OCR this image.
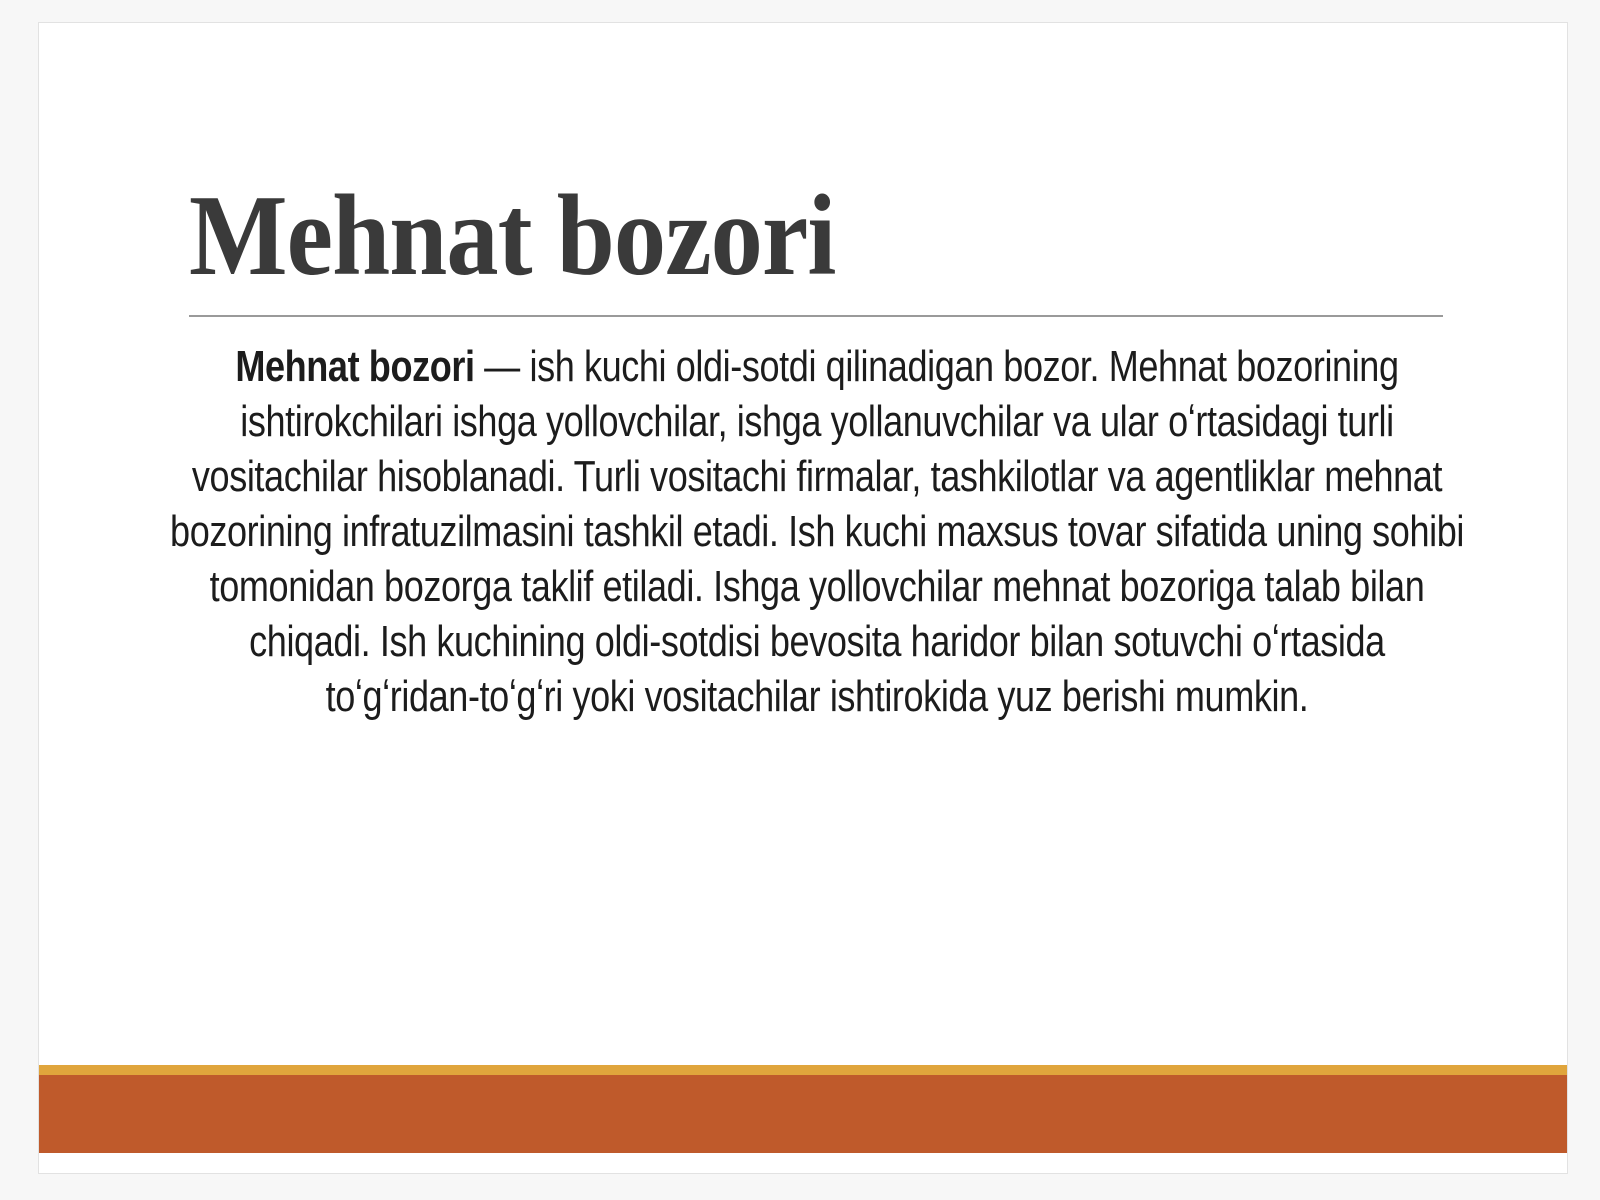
Mehnat bozori

Mehnat bozori — ish kuchi oldi-sotdi qilinadigan bozor. Mehnat bozorining ishtirokchilari ishga yollovchilar, ishga yollanuvchilar va ular oʻrtasidagi turli vositachilar hisoblanadi. Turli vositachi firmalar, tashkilotlar va agentliklar mehnat bozorining infratuzilmasini tashkil etadi. Ish kuchi maxsus tovar sifatida uning sohibi tomonidan bozorga taklif etiladi. Ishga yollovchilar mehnat bozoriga talab bilan chiqadi. Ish kuchining oldi-sotdisi bevosita haridor bilan sotuvchi oʻrtasida toʻgʻridan-toʻgʻri yoki vositachilar ishtirokida yuz berishi mumkin.
